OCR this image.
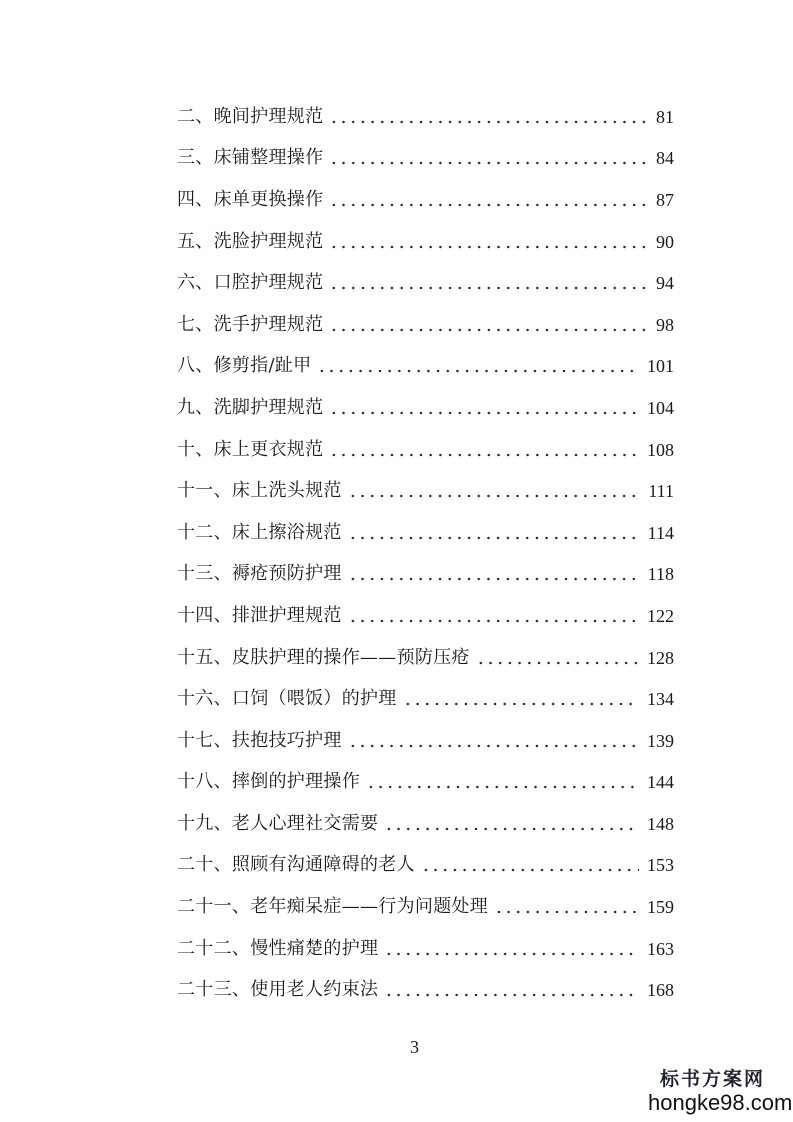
二、晚间护理规范	81
三、床铺整理操作	84
四、床单更换操作	87
五、洗脸护理规范	90
六、口腔护理规范	94
七、洗手护理规范	98
八、修剪指/趾甲	101
九、洗脚护理规范	104
十、床上更衣规范	108
十一、床上洗头规范	111
十二、床上擦浴规范	114
十三、褥疮预防护理	118
十四、排泄护理规范	122
十五、皮肤护理的操作——预防压疮	128
十六、口饲（喂饭）的护理	134
十七、扶抱技巧护理	139
十八、摔倒的护理操作	144
十九、老人心理社交需要	148
二十、照顾有沟通障碍的老人	153
二十一、老年痴呆症——行为问题处理	159
二十二、慢性痛楚的护理	163
二十三、使用老人约束法	168
3
标书方案网
hongke98.com
